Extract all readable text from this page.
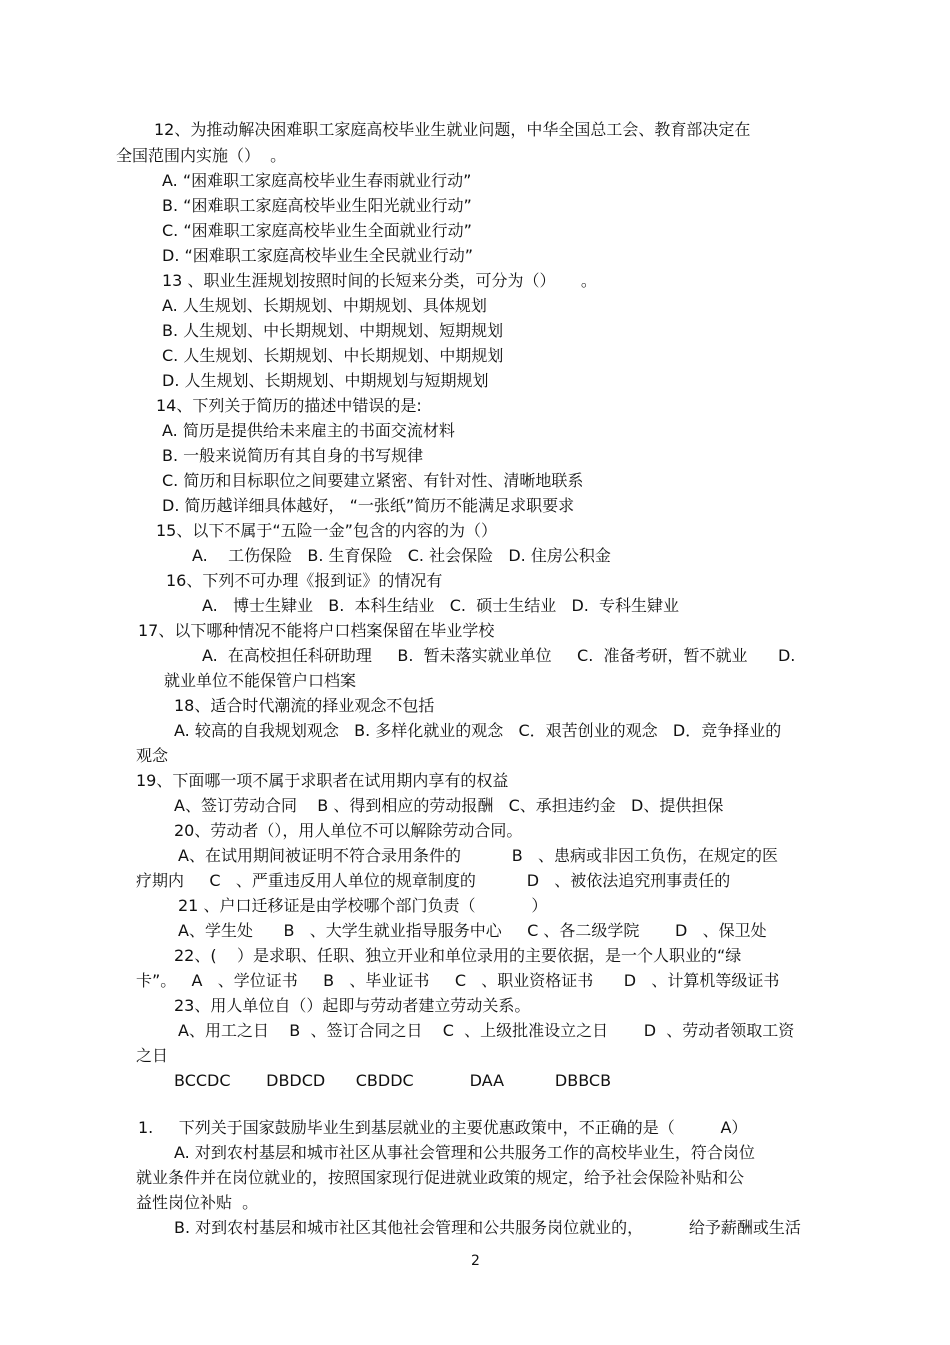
12、为推动解决困难职工家庭高校毕业生就业问题，中华全国总工会、教育部决定在
全国范围内实施（）  。
A. “困难职工家庭高校毕业生春雨就业行动”
B. “困难职工家庭高校毕业生阳光就业行动”
C. “困难职工家庭高校毕业生全面就业行动”
D. “困难职工家庭高校毕业生全民就业行动”
13 、职业生涯规划按照时间的长短来分类，可分为（）     。
A. 人生规划、长期规划、中期规划、具体规划
B. 人生规划、中长期规划、中期规划、短期规划
C. 人生规划、长期规划、中长期规划、中期规划
D. 人生规划、长期规划、中期规划与短期规划
14、下列关于简历的描述中错误的是:
A. 简历是提供给未来雇主的书面交流材料
B. 一般来说简历有其自身的书写规律
C. 简历和目标职位之间要建立紧密、有针对性、清晰地联系
D. 简历越详细具体越好， “一张纸”简历不能满足求职要求
15、以下不属于“五险一金”包含的内容的为（）
A.    工伤保险   B. 生育保险   C. 社会保险   D. 住房公积金
16、下列不可办理《报到证》的情况有
A.   博士生肄业   B.  本科生结业   C.  硕士生结业   D.  专科生肄业
17、以下哪种情况不能将户口档案保留在毕业学校
A.  在高校担任科研助理     B.  暂未落实就业单位     C.  准备考研，暂不就业      D.
就业单位不能保管户口档案
18、适合时代潮流的择业观念不包括
A. 较高的自我规划观念   B. 多样化就业的观念   C．艰苦创业的观念   D．竞争择业的
观念
19、下面哪一项不属于求职者在试用期内享有的权益
A、签订劳动合同    B 、得到相应的劳动报酬   C、承担违约金   D、提供担保
20、劳动者（），用人单位不可以解除劳动合同。
A、在试用期间被证明不符合录用条件的          B   、患病或非因工负伤，在规定的医
疗期内     C   、严重违反用人单位的规章制度的          D   、被依法追究刑事责任的
21 、户口迁移证是由学校哪个部门负责（           ）
A、学生处      B   、大学生就业指导服务中心     C 、各二级学院       D   、保卫处
22、(    ）是求职、任职、独立开业和单位录用的主要依据，是一个人职业的“绿
卡”。   A   、学位证书     B   、毕业证书     C   、职业资格证书      D   、计算机等级证书
23、用人单位自（）起即与劳动者建立劳动关系。
A、用工之日    B  、签订合同之日    C  、上级批准设立之日       D  、劳动者领取工资
之日
BCCDC       DBDCD      CBDDC           DAA          DBBCB
1.     下列关于国家鼓励毕业生到基层就业的主要优惠政策中，不正确的是（         A）
A. 对到农村基层和城市社区从事社会管理和公共服务工作的高校毕业生，符合岗位
就业条件并在岗位就业的，按照国家现行促进就业政策的规定，给予社会保险补贴和公
益性岗位补贴  。
B. 对到农村基层和城市社区其他社会管理和公共服务岗位就业的，         给予薪酬或生活
2
